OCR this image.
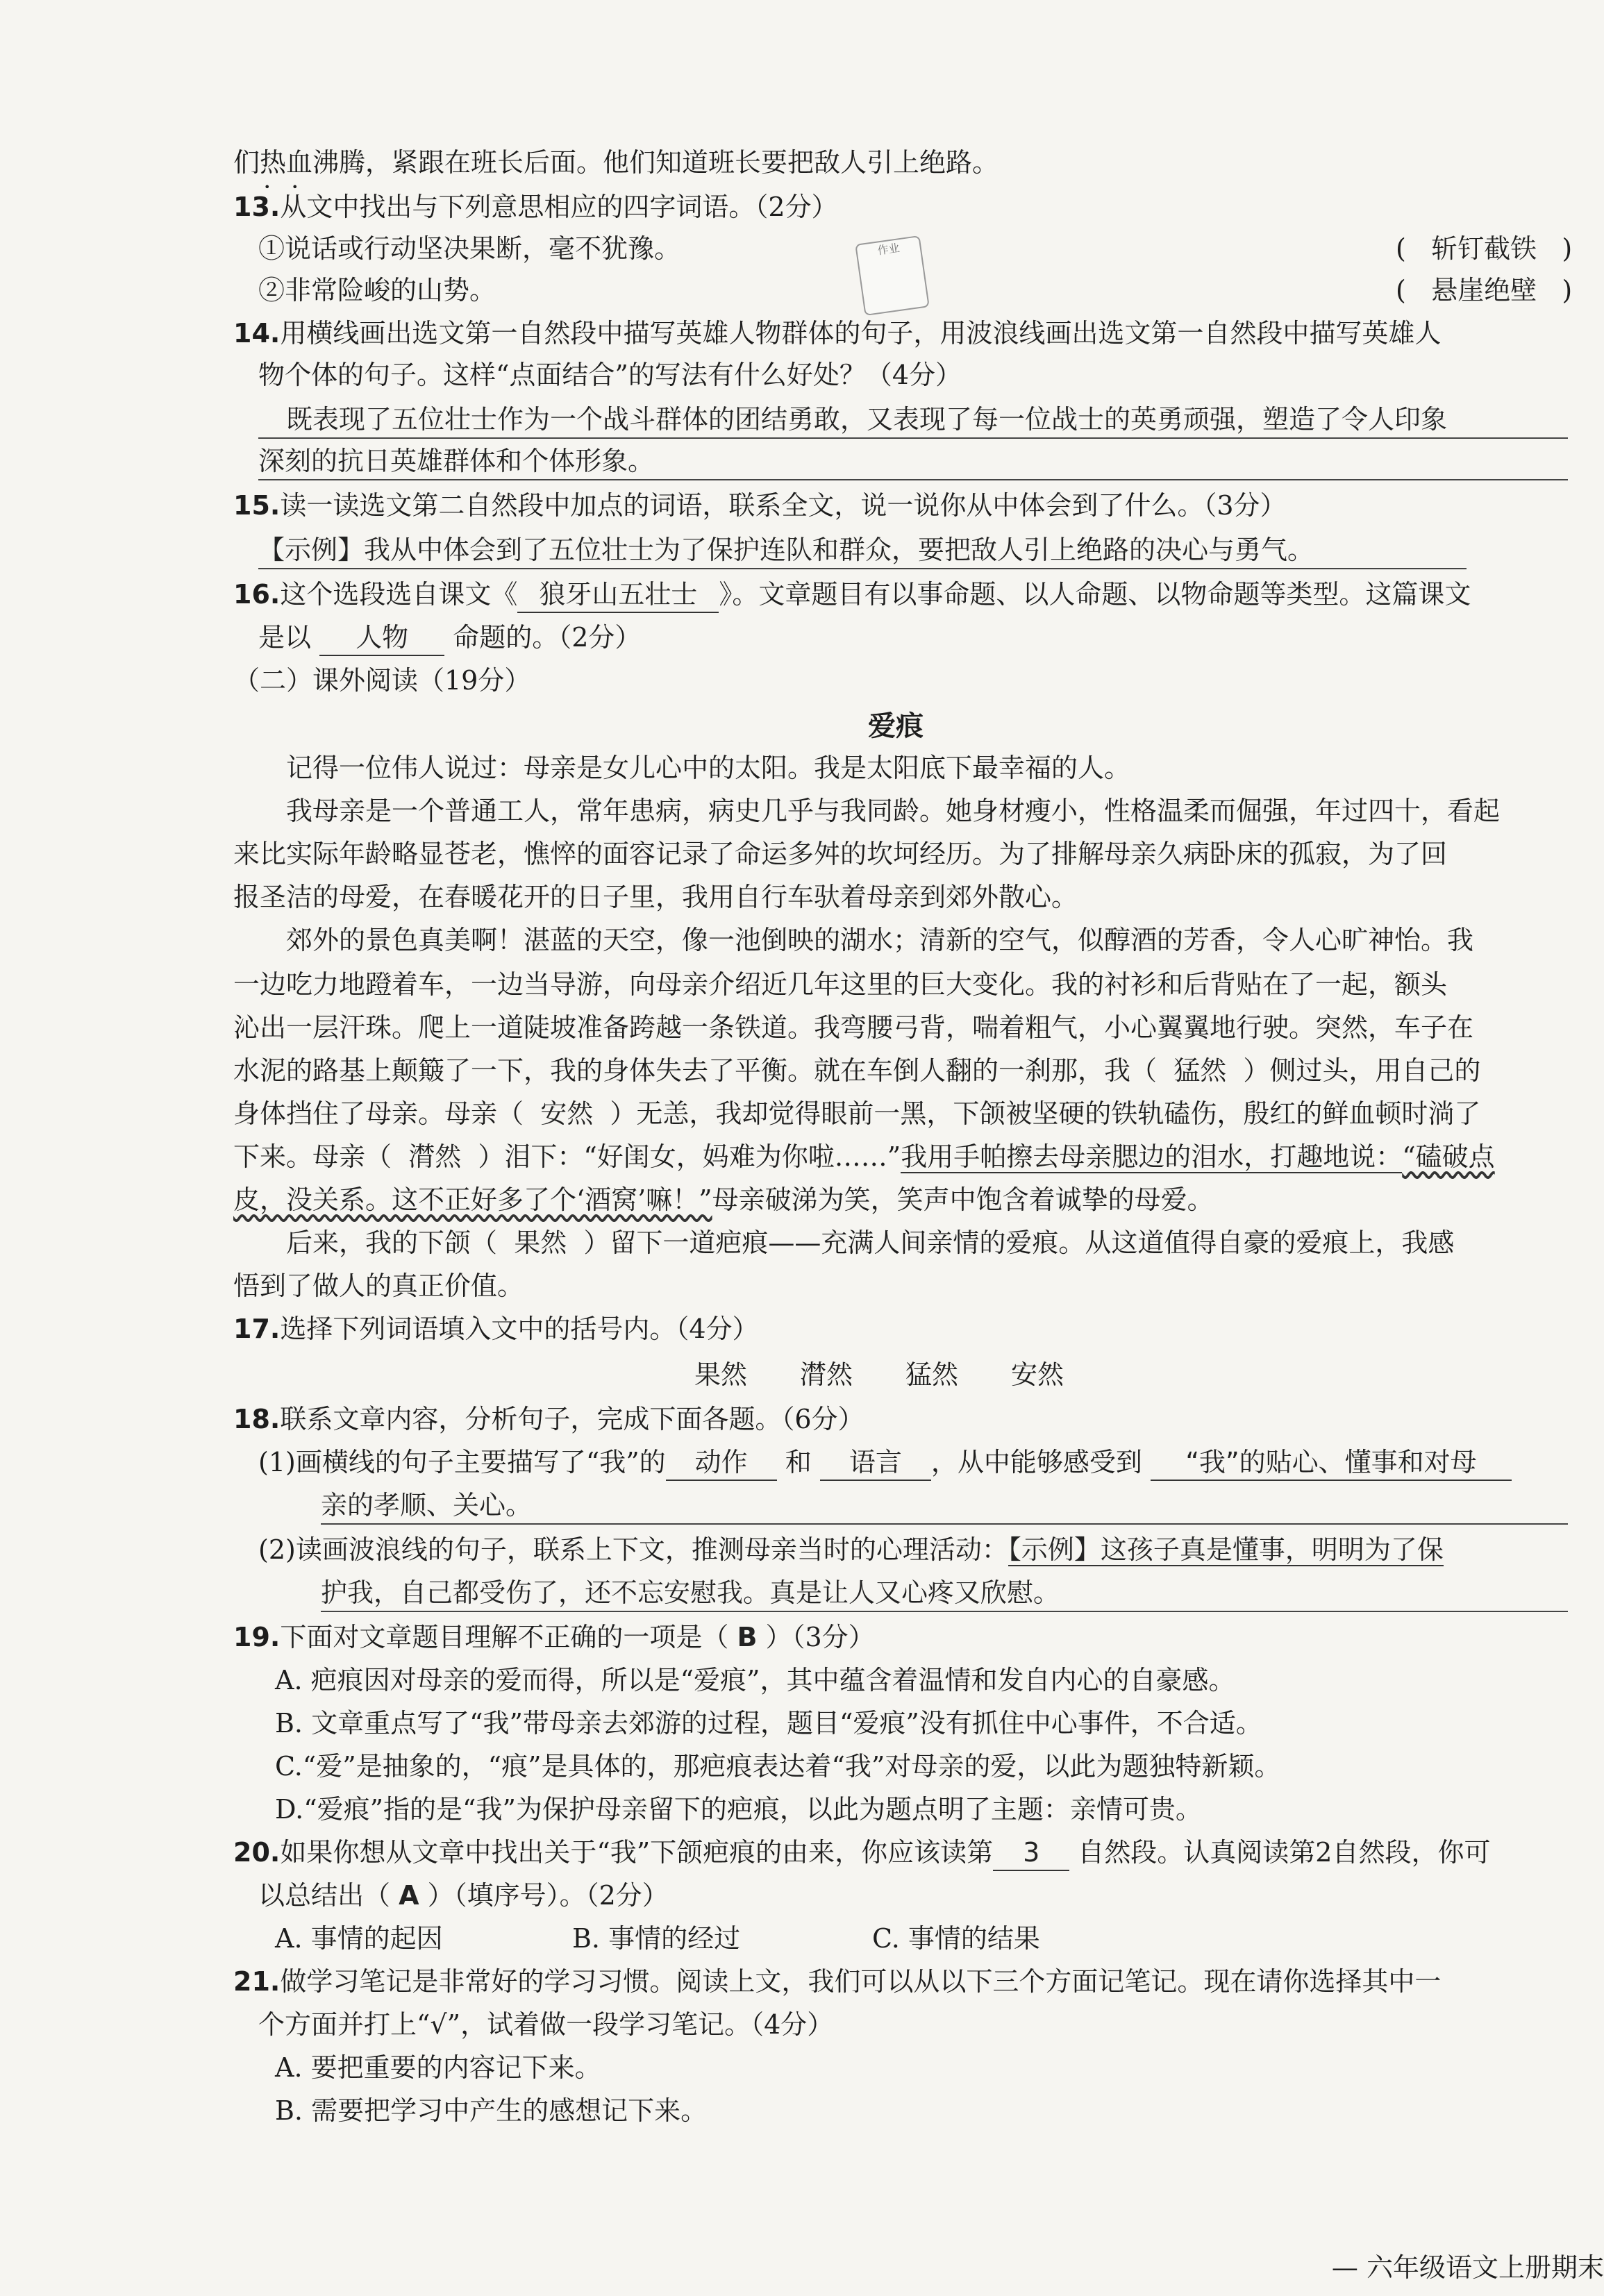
们热血沸腾，紧跟在班长后面。他们知道班长要把敌人引上绝路。
•      •
13.从文中找出与下列意思相应的四字词语。（2分）
①说话或行动坚决果断，毫不犹豫。	(   斩钉截铁   )
②非常险峻的山势。	(   悬崖绝壁   )
作业
14.用横线画出选文第一自然段中描写英雄人物群体的句子，用波浪线画出选文第一自然段中描写英雄人
物个体的句子。这样“点面结合”的写法有什么好处？（4分）
既表现了五位壮士作为一个战斗群体的团结勇敢，又表现了每一位战士的英勇顽强，塑造了令人印象
深刻的抗日英雄群体和个体形象。
15.读一读选文第二自然段中加点的词语，联系全文，说一说你从中体会到了什么。（3分）
【示例】我从中体会到了五位壮士为了保护连队和群众，要把敌人引上绝路的决心与勇气。
16.这个选段选自课文《 狼牙山五壮士 》。文章题目有以事命题、以人命题、以物命题等类型。这篇课文
是以 人物 命题的。（2分）
（二）课外阅读（19分）
爱痕
记得一位伟人说过：母亲是女儿心中的太阳。我是太阳底下最幸福的人。
我母亲是一个普通工人，常年患病，病史几乎与我同龄。她身材瘦小，性格温柔而倔强，年过四十，看起
来比实际年龄略显苍老，憔悴的面容记录了命运多舛的坎坷经历。为了排解母亲久病卧床的孤寂，为了回
报圣洁的母爱，在春暖花开的日子里，我用自行车驮着母亲到郊外散心。
郊外的景色真美啊！湛蓝的天空，像一池倒映的湖水；清新的空气，似醇酒的芳香，令人心旷神怡。我
一边吃力地蹬着车，一边当导游，向母亲介绍近几年这里的巨大变化。我的衬衫和后背贴在了一起，额头
沁出一层汗珠。爬上一道陡坡准备跨越一条铁道。我弯腰弓背，喘着粗气，小心翼翼地行驶。突然，车子在
水泥的路基上颠簸了一下，我的身体失去了平衡。就在车倒人翻的一刹那，我（ 猛然 ）侧过头，用自己的
身体挡住了母亲。母亲（ 安然 ）无恙，我却觉得眼前一黑，下颌被坚硬的铁轨磕伤，殷红的鲜血顿时淌了
下来。母亲（ 潸然 ）泪下：“好闺女，妈难为你啦……”我用手帕擦去母亲腮边的泪水，打趣地说：“磕破点
皮，没关系。这不正好多了个‘酒窝’嘛！”母亲破涕为笑，笑声中饱含着诚挚的母爱。
后来，我的下颌（ 果然 ）留下一道疤痕——充满人间亲情的爱痕。从这道值得自豪的爱痕上，我感
悟到了做人的真正价值。
17.选择下列词语填入文中的括号内。（4分）
果然　　潸然　　猛然　　安然
18.联系文章内容，分析句子，完成下面各题。（6分）
(1)画横线的句子主要描写了“我”的 动作 和 语言 ，从中能够感受到 “我”的贴心、懂事和对母
亲的孝顺、关心。
(2)读画波浪线的句子，联系上下文，推测母亲当时的心理活动：【示例】这孩子真是懂事，明明为了保
护我，自己都受伤了，还不忘安慰我。真是让人又心疼又欣慰。
19.下面对文章题目理解不正确的一项是（ B ）（3分）
A. 疤痕因对母亲的爱而得，所以是“爱痕”，其中蕴含着温情和发自内心的自豪感。
B. 文章重点写了“我”带母亲去郊游的过程，题目“爱痕”没有抓住中心事件，不合适。
C.“爱”是抽象的，“痕”是具体的，那疤痕表达着“我”对母亲的爱，以此为题独特新颖。
D.“爱痕”指的是“我”为保护母亲留下的疤痕，以此为题点明了主题：亲情可贵。
20.如果你想从文章中找出关于“我”下颌疤痕的由来，你应该读第 3 自然段。认真阅读第2自然段，你可
以总结出（ A ）（填序号）。（2分）
A. 事情的起因	B. 事情的经过	C. 事情的结果
21.做学习笔记是非常好的学习习惯。阅读上文，我们可以从以下三个方面记笔记。现在请你选择其中一
个方面并打上“√”，试着做一段学习笔记。（4分）
A. 要把重要的内容记下来。
B. 需要把学习中产生的感想记下来。
— 六年级语文上册期末
